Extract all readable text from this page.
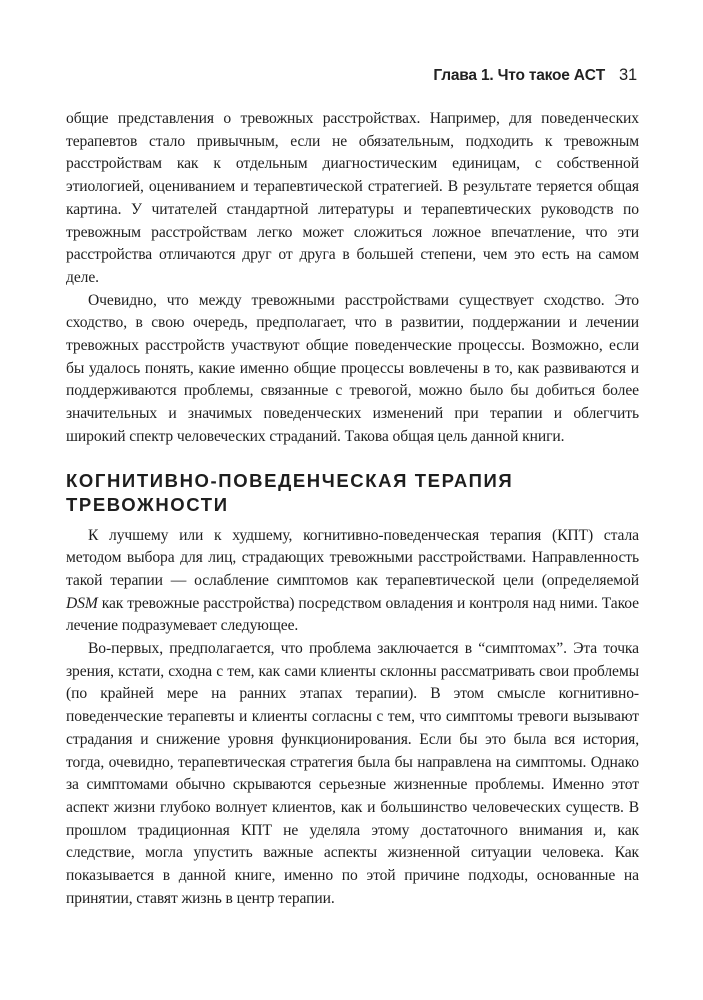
Глава 1. Что такое ACT 31

общие представления о тревожных расстройствах. Например, для поведенческих терапевтов стало привычным, если не обязательным, подходить к тревожным расстройствам как к отдельным диагностическим единицам, с собственной этиологией, оцениванием и терапевтической стратегией. В результате теряется общая картина. У читателей стандартной литературы и терапевтических руководств по тревожным расстройствам легко может сложиться ложное впечатление, что эти расстройства отличаются друг от друга в большей степени, чем это есть на самом деле.

Очевидно, что между тревожными расстройствами существует сходство. Это сходство, в свою очередь, предполагает, что в развитии, поддержании и лечении тревожных расстройств участвуют общие поведенческие процессы. Возможно, если бы удалось понять, какие именно общие процессы вовлечены в то, как развиваются и поддерживаются проблемы, связанные с тревогой, можно было бы добиться более значительных и значимых поведенческих изменений при терапии и облегчить широкий спектр человеческих страданий. Такова общая цель данной книги.

КОГНИТИВНО-ПОВЕДЕНЧЕСКАЯ ТЕРАПИЯ
ТРЕВОЖНОСТИ

К лучшему или к худшему, когнитивно-поведенческая терапия (КПТ) стала методом выбора для лиц, страдающих тревожными расстройствами. Направленность такой терапии — ослабление симптомов как терапевтической цели (определяемой DSM как тревожные расстройства) посредством овладения и контроля над ними. Такое лечение подразумевает следующее.

Во-первых, предполагается, что проблема заключается в “симптомах”. Эта точка зрения, кстати, сходна с тем, как сами клиенты склонны рассматривать свои проблемы (по крайней мере на ранних этапах терапии). В этом смысле когнитивно-поведенческие терапевты и клиенты согласны с тем, что симптомы тревоги вызывают страдания и снижение уровня функционирования. Если бы это была вся история, тогда, очевидно, терапевтическая стратегия была бы направлена на симптомы. Однако за симптомами обычно скрываются серьезные жизненные проблемы. Именно этот аспект жизни глубоко волнует клиентов, как и большинство человеческих существ. В прошлом традиционная КПТ не уделяла этому достаточного внимания и, как следствие, могла упустить важные аспекты жизненной ситуации человека. Как показывается в данной книге, именно по этой причине подходы, основанные на принятии, ставят жизнь в центр терапии.
